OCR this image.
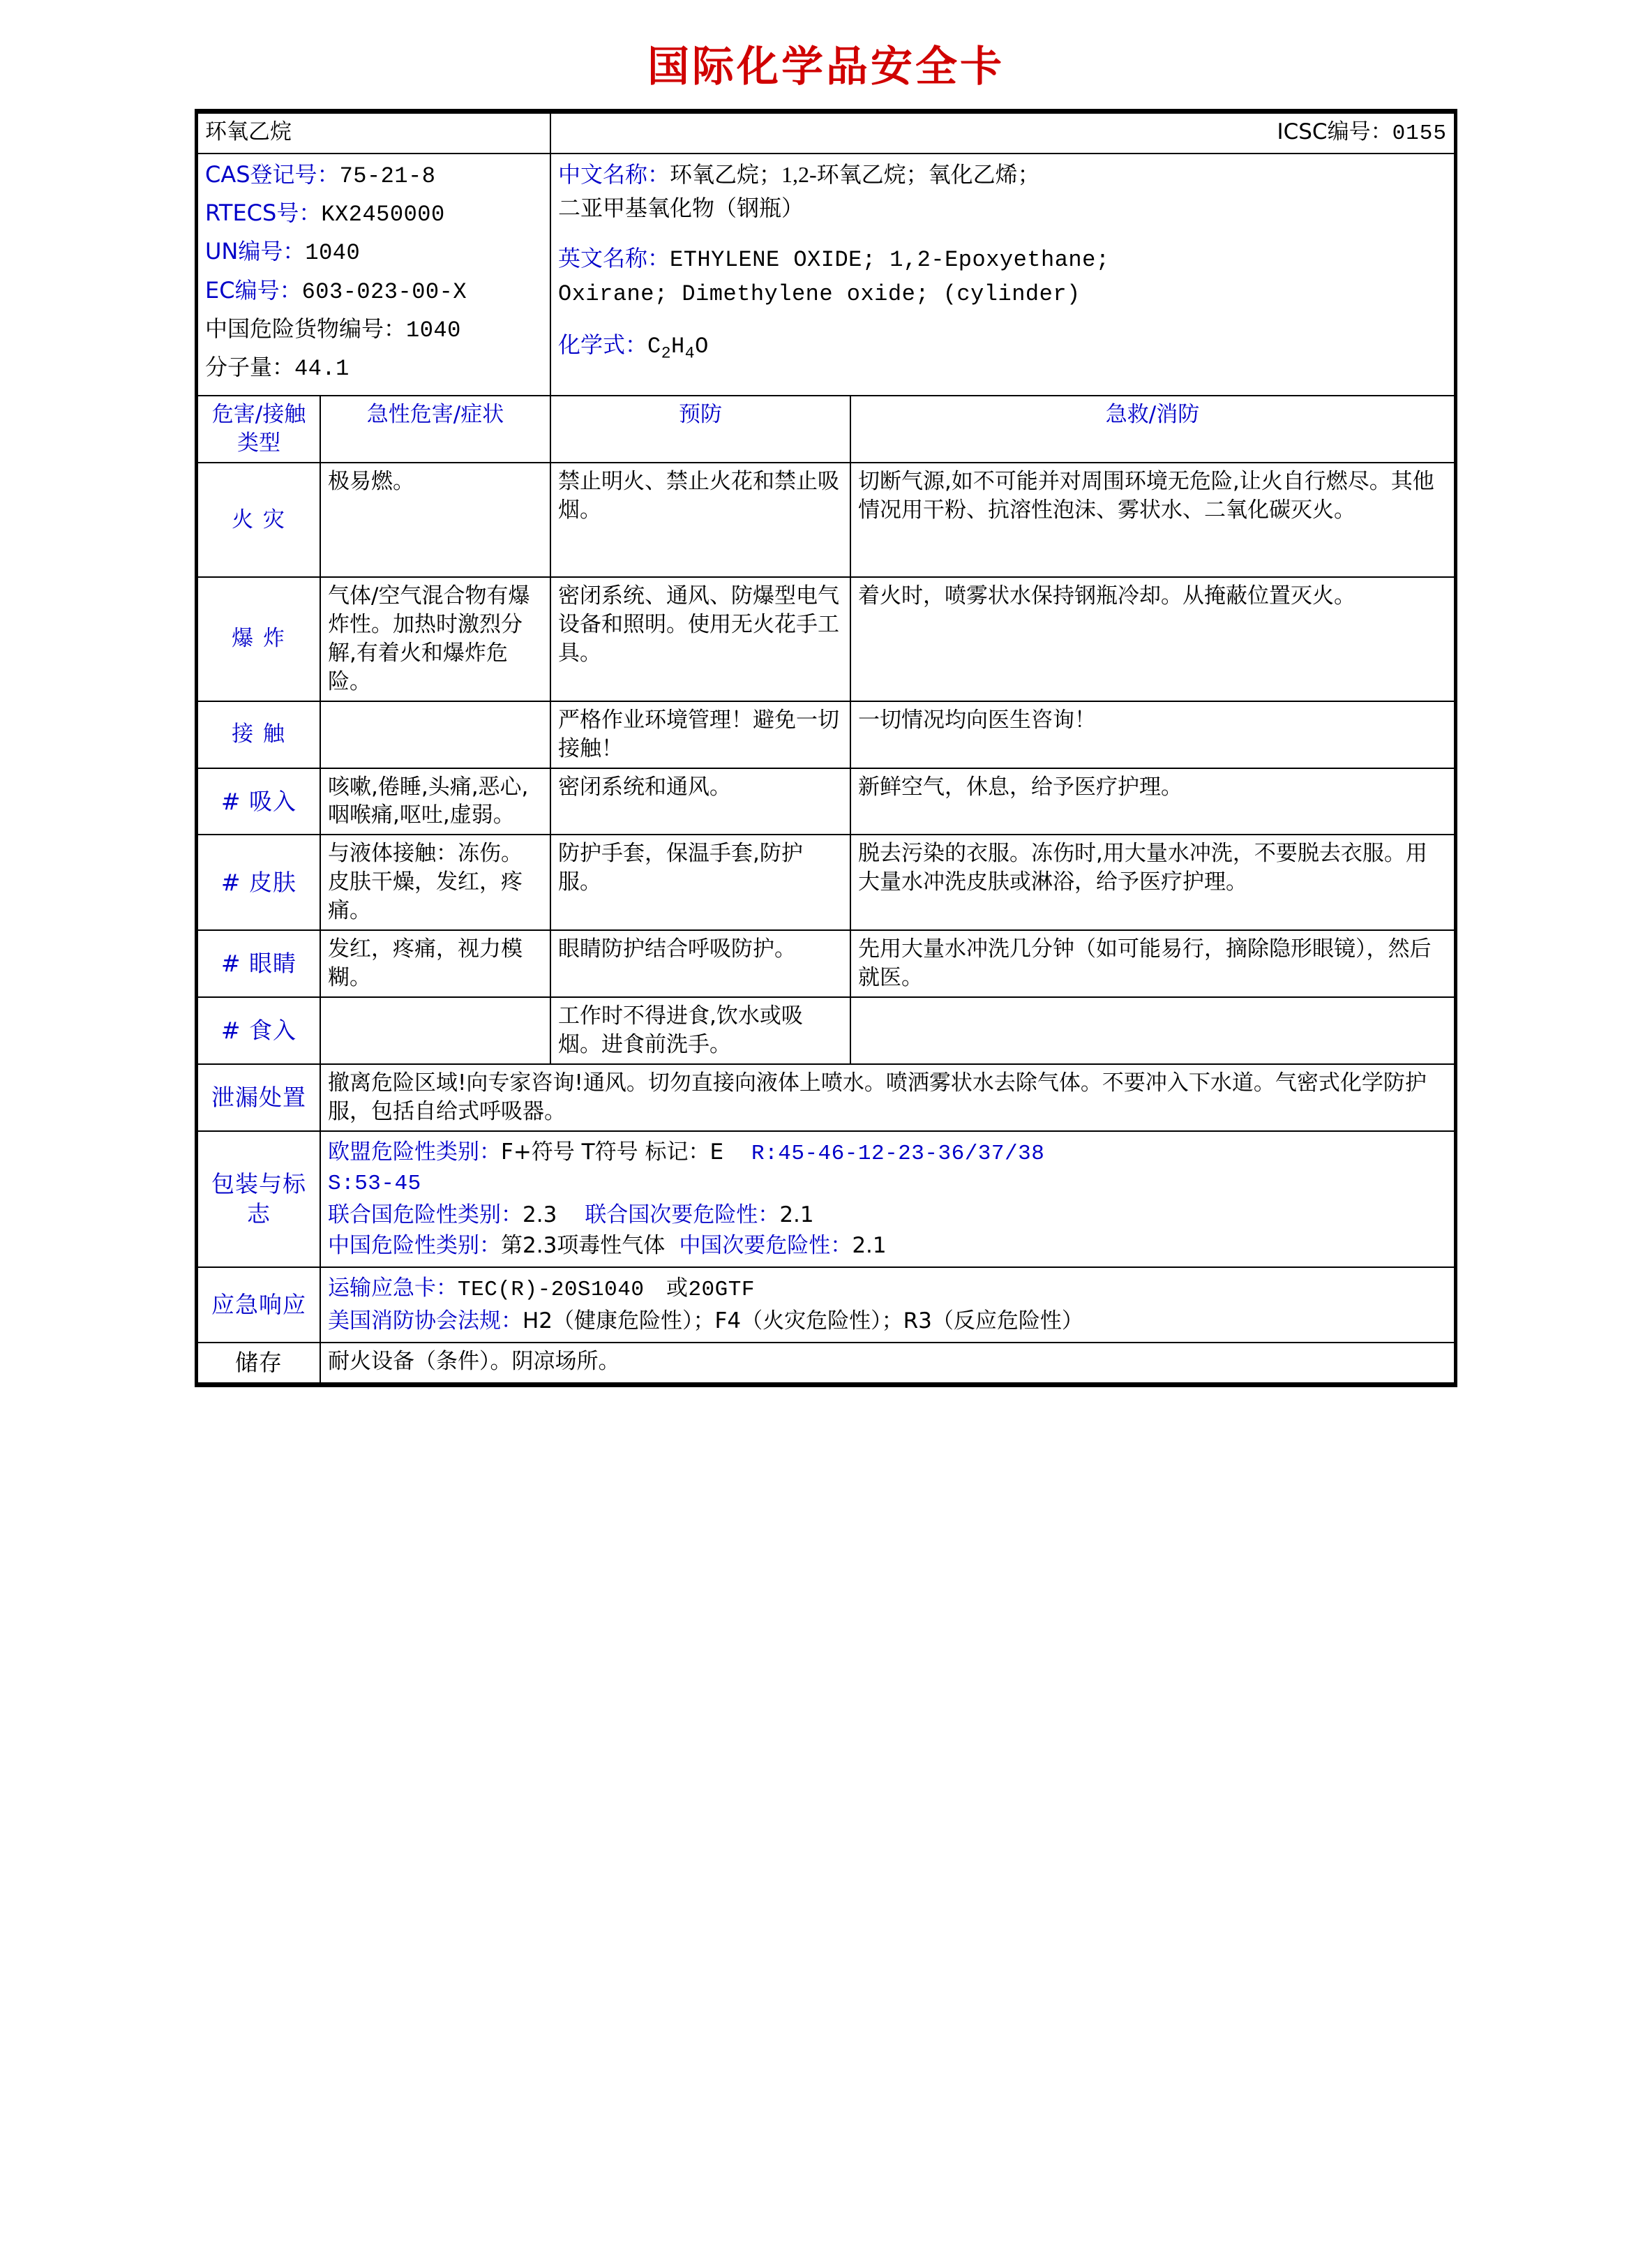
国际化学品安全卡
环氧乙烷		ICSC编号：0155	

CAS登记号：75-21-8
RTECS号：KX2450000
UN编号：1040
EC编号：603-023-00-X
中国危险货物编号：1040
分子量：44.1

中文名称：环氧乙烷；1,2-环氧乙烷；氧化乙烯；
二亚甲基氧化物（钢瓶）
英文名称：ETHYLENE OXIDE; 1,2-Epoxyethane;
Oxirane; Dimethylene oxide; (cylinder)
化学式：$C_2H_4O$

危害/接触
类型	急性危害/症状	预防	急救/消防
火 灾	极易燃。	禁止明火、禁止火花和禁止吸烟。	切断气源,如不可能并对周围环境无危险,让火自行燃尽。其他情况用干粉、抗溶性泡沫、雾状水、二氧化碳灭火。
爆 炸	气体/空气混合物有爆炸性。加热时激烈分解,有着火和爆炸危险。	密闭系统、通风、防爆型电气设备和照明。使用无火花手工具。	着火时，喷雾状水保持钢瓶冷却。从掩蔽位置灭火。
接 触		严格作业环境管理！避免一切接触！	一切情况均向医生咨询！
# 吸入	咳嗽,倦睡,头痛,恶心,咽喉痛,呕吐,虚弱。	密闭系统和通风。	新鲜空气，休息，给予医疗护理。
# 皮肤	与液体接触：冻伤。皮肤干燥，发红，疼痛。	防护手套，保温手套,防护服。	脱去污染的衣服。冻伤时,用大量水冲洗，不要脱去衣服。用大量水冲洗皮肤或淋浴，给予医疗护理。
# 眼睛	发红，疼痛，视力模糊。	眼睛防护结合呼吸防护。	先用大量水冲洗几分钟（如可能易行，摘除隐形眼镜），然后就医。
# 食入		工作时不得进食,饮水或吸烟。进食前洗手。	
泄漏处置	撤离危险区域!向专家咨询!通风。切勿直接向液体上喷水。喷洒雾状水去除气体。不要冲入下水道。气密式化学防护服，包括自给式呼吸器。		
包装与标志	欧盟危险性类别：F+符号 T符号 标记：E R:45-46-12-23-36/37/38
S:53-45
联合国危险性类别：2.3 联合国次要危险性：2.1
中国危险性类别：第2.3项毒性气体 中国次要危险性：2.1		

应急响应	运输应急卡：TEC(R)-20S1040　或20GTF
美国消防协会法规：H2（健康危险性）；F4（火灾危险性）；R3（反应危险性）		

储存	耐火设备（条件）。阴凉场所。		
